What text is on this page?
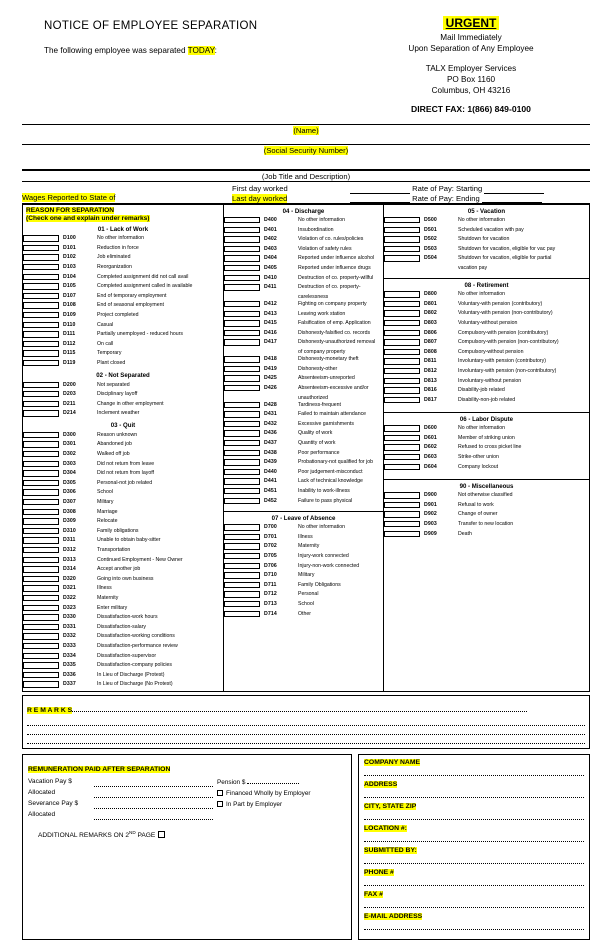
NOTICE OF EMPLOYEE SEPARATION
The following employee was separated TODAY:
URGENT
Mail Immediately
Upon Separation of Any Employee
TALX Employer Services
PO Box 1160
Columbus, OH 43216
DIRECT FAX: 1(866) 849-0100
(Name)
(Social Security Number)
(Job Title and Description)
Wages Reported to State of
First day worked
Last day worked
Rate of Pay: Starting
Rate of Pay: Ending
REASON FOR SEPARATION
(Check one and explain under remarks)
01 - Lack of Work
	D100	No other information
	D101	Reduction in force
	D102	Job eliminated
	D103	Reorganization
	D104	Completed assignment did not call avail
	D105	Completed assignment called in available
	D107	End of temporary employment
	D108	End of seasonal employment
	D109	Project completed
	D110	Casual
	D111	Partially unemployed - reduced hours
	D112	On call
	D115	Temporary
	D119	Plant closed
02 - Not Separated
	D200	Not separated
	D203	Disciplinary layoff
	D211	Change in other employment
	D214	Inclement weather
03 - Quit
	D300	Reason unknown
	D301	Abandoned job
	D302	Walked off job
	D303	Did not return from leave
	D304	Did not return from layoff
	D305	Personal-not job related
	D306	School
	D307	Military
	D308	Marriage
	D309	Relocate
	D310	Family obligations
	D311	Unable to obtain baby-sitter
	D312	Transportation
	D313	Continued Employment - New Owner
	D314	Accept another job
	D320	Going into own business
	D321	Illness
	D322	Maternity
	D323	Enter military
	D330	Dissatisfaction-work hours
	D331	Dissatisfaction-salary
	D332	Dissatisfaction-working conditions
	D333	Dissatisfaction-performance review
	D334	Dissatisfaction-supervisor
	D335	Dissatisfaction-company policies
	D336	In Lieu of Discharge (Protest)
	D337	In Lieu of Discharge (No Protest)
04 - Discharge
	D400	No other information
	D401	Insubordination
	D402	Violation of co. rules/policies
	D403	Violation of safety rules
	D404	Reported under influence alcohol
	D405	Reported under influence drugs
	D410	Destruction of co. property-willful
	D411	Destruction of co. property-
		carelessness
	D412	Fighting on company property
	D413	Leaving work station
	D415	Falsification of emp. Application
	D416	Dishonesty-falsified co. records
	D417	Dishonesty-unauthorized removal
		of company property
	D418	Dishonesty-monetary theft
	D419	Dishonesty-other
	D425	Absenteeism-unreported
	D426	Absenteeism-excessive and/or
		unauthorized
	D428	Tardiness-frequent
	D431	Failed to maintain attendance
	D432	Excessive garnishments
	D436	Quality of work
	D437	Quantity of work
	D438	Poor performance
	D439	Probationary-not qualified for job
	D440	Poor judgement-misconduct
	D441	Lack of technical knowledge
	D451	Inability to work-illness
	D452	Failure to pass physical
07 - Leave of Absence
	D700	No other information
	D701	Illness
	D702	Maternity
	D705	Injury-work connected
	D706	Injury-non-work connected
	D710	Military
	D711	Family Obligations
	D712	Personal
	D713	School
	D714	Other
05 - Vacation
	D500	No other information
	D501	Scheduled vacation with pay
	D502	Shutdown for vacation
	D503	Shutdown for vacation, eligible for vac pay
	D504	Shutdown for vacation, eligible for partial
		vacation pay
08 - Retirement
	D800	No other information
	D801	Voluntary-with pension (contributory)
	D802	Voluntary-with pension (non-contributory)
	D803	Voluntary-without pension
	D806	Compulsory-with pension (contributory)
	D807	Compulsory-with pension (non-contributory)
	D808	Compulsory-without pension
	D811	Involuntary-with pension (contributory)
	D812	Involuntary-with pension (non-contributory)
	D813	Involuntary-without pension
	D816	Disability-job related
	D817	Disability-non-job related
06 - Labor Dispute
	D600	No other information
	D601	Member of striking union
	D602	Refused to cross picket line
	D603	Strike-other union
	D604	Company lockout
90 - Miscellaneous
	D900	Not otherwise classified
	D901	Refusal to work
	D902	Change of owner
	D903	Transfer to new location
	D909	Death
R E M A R K S
REMUNERATION PAID AFTER SEPARATION
Vacation Pay $
Allocated
Severance Pay $
Allocated
Pension $
Financed Wholly by Employer
In Part by Employer
ADDITIONAL REMARKS ON 2ND PAGE
COMPANY NAME
ADDRESS
CITY, STATE ZIP
LOCATION #:
SUBMITTED BY:
PHONE #
FAX #
E-MAIL ADDRESS
